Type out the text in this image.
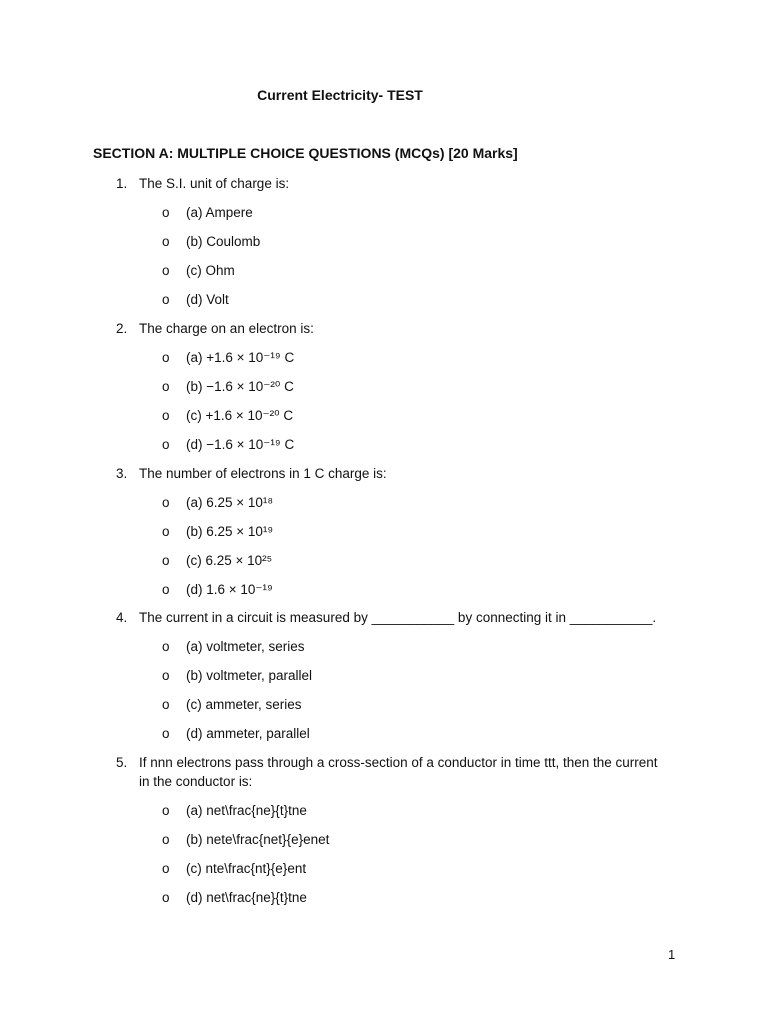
Current Electricity- TEST
SECTION A: MULTIPLE CHOICE QUESTIONS (MCQs) [20 Marks]
1. The S.I. unit of charge is:
o (a) Ampere
o (b) Coulomb
o (c) Ohm
o (d) Volt
2. The charge on an electron is:
o (a) +1.6 × 10⁻¹⁹ C
o (b) −1.6 × 10⁻²⁰ C
o (c) +1.6 × 10⁻²⁰ C
o (d) −1.6 × 10⁻¹⁹ C
3. The number of electrons in 1 C charge is:
o (a) 6.25 × 10¹⁸
o (b) 6.25 × 10¹⁹
o (c) 6.25 × 10²⁵
o (d) 1.6 × 10⁻¹⁹
4. The current in a circuit is measured by ___________ by connecting it in ___________.
o (a) voltmeter, series
o (b) voltmeter, parallel
o (c) ammeter, series
o (d) ammeter, parallel
5. If nnn electrons pass through a cross-section of a conductor in time ttt, then the current in the conductor is:
o (a) net\frac{ne}{t}tne
o (b) nete\frac{net}{e}enet
o (c) nte\frac{nt}{e}ent
o (d) net\frac{ne}{t}tne
1
